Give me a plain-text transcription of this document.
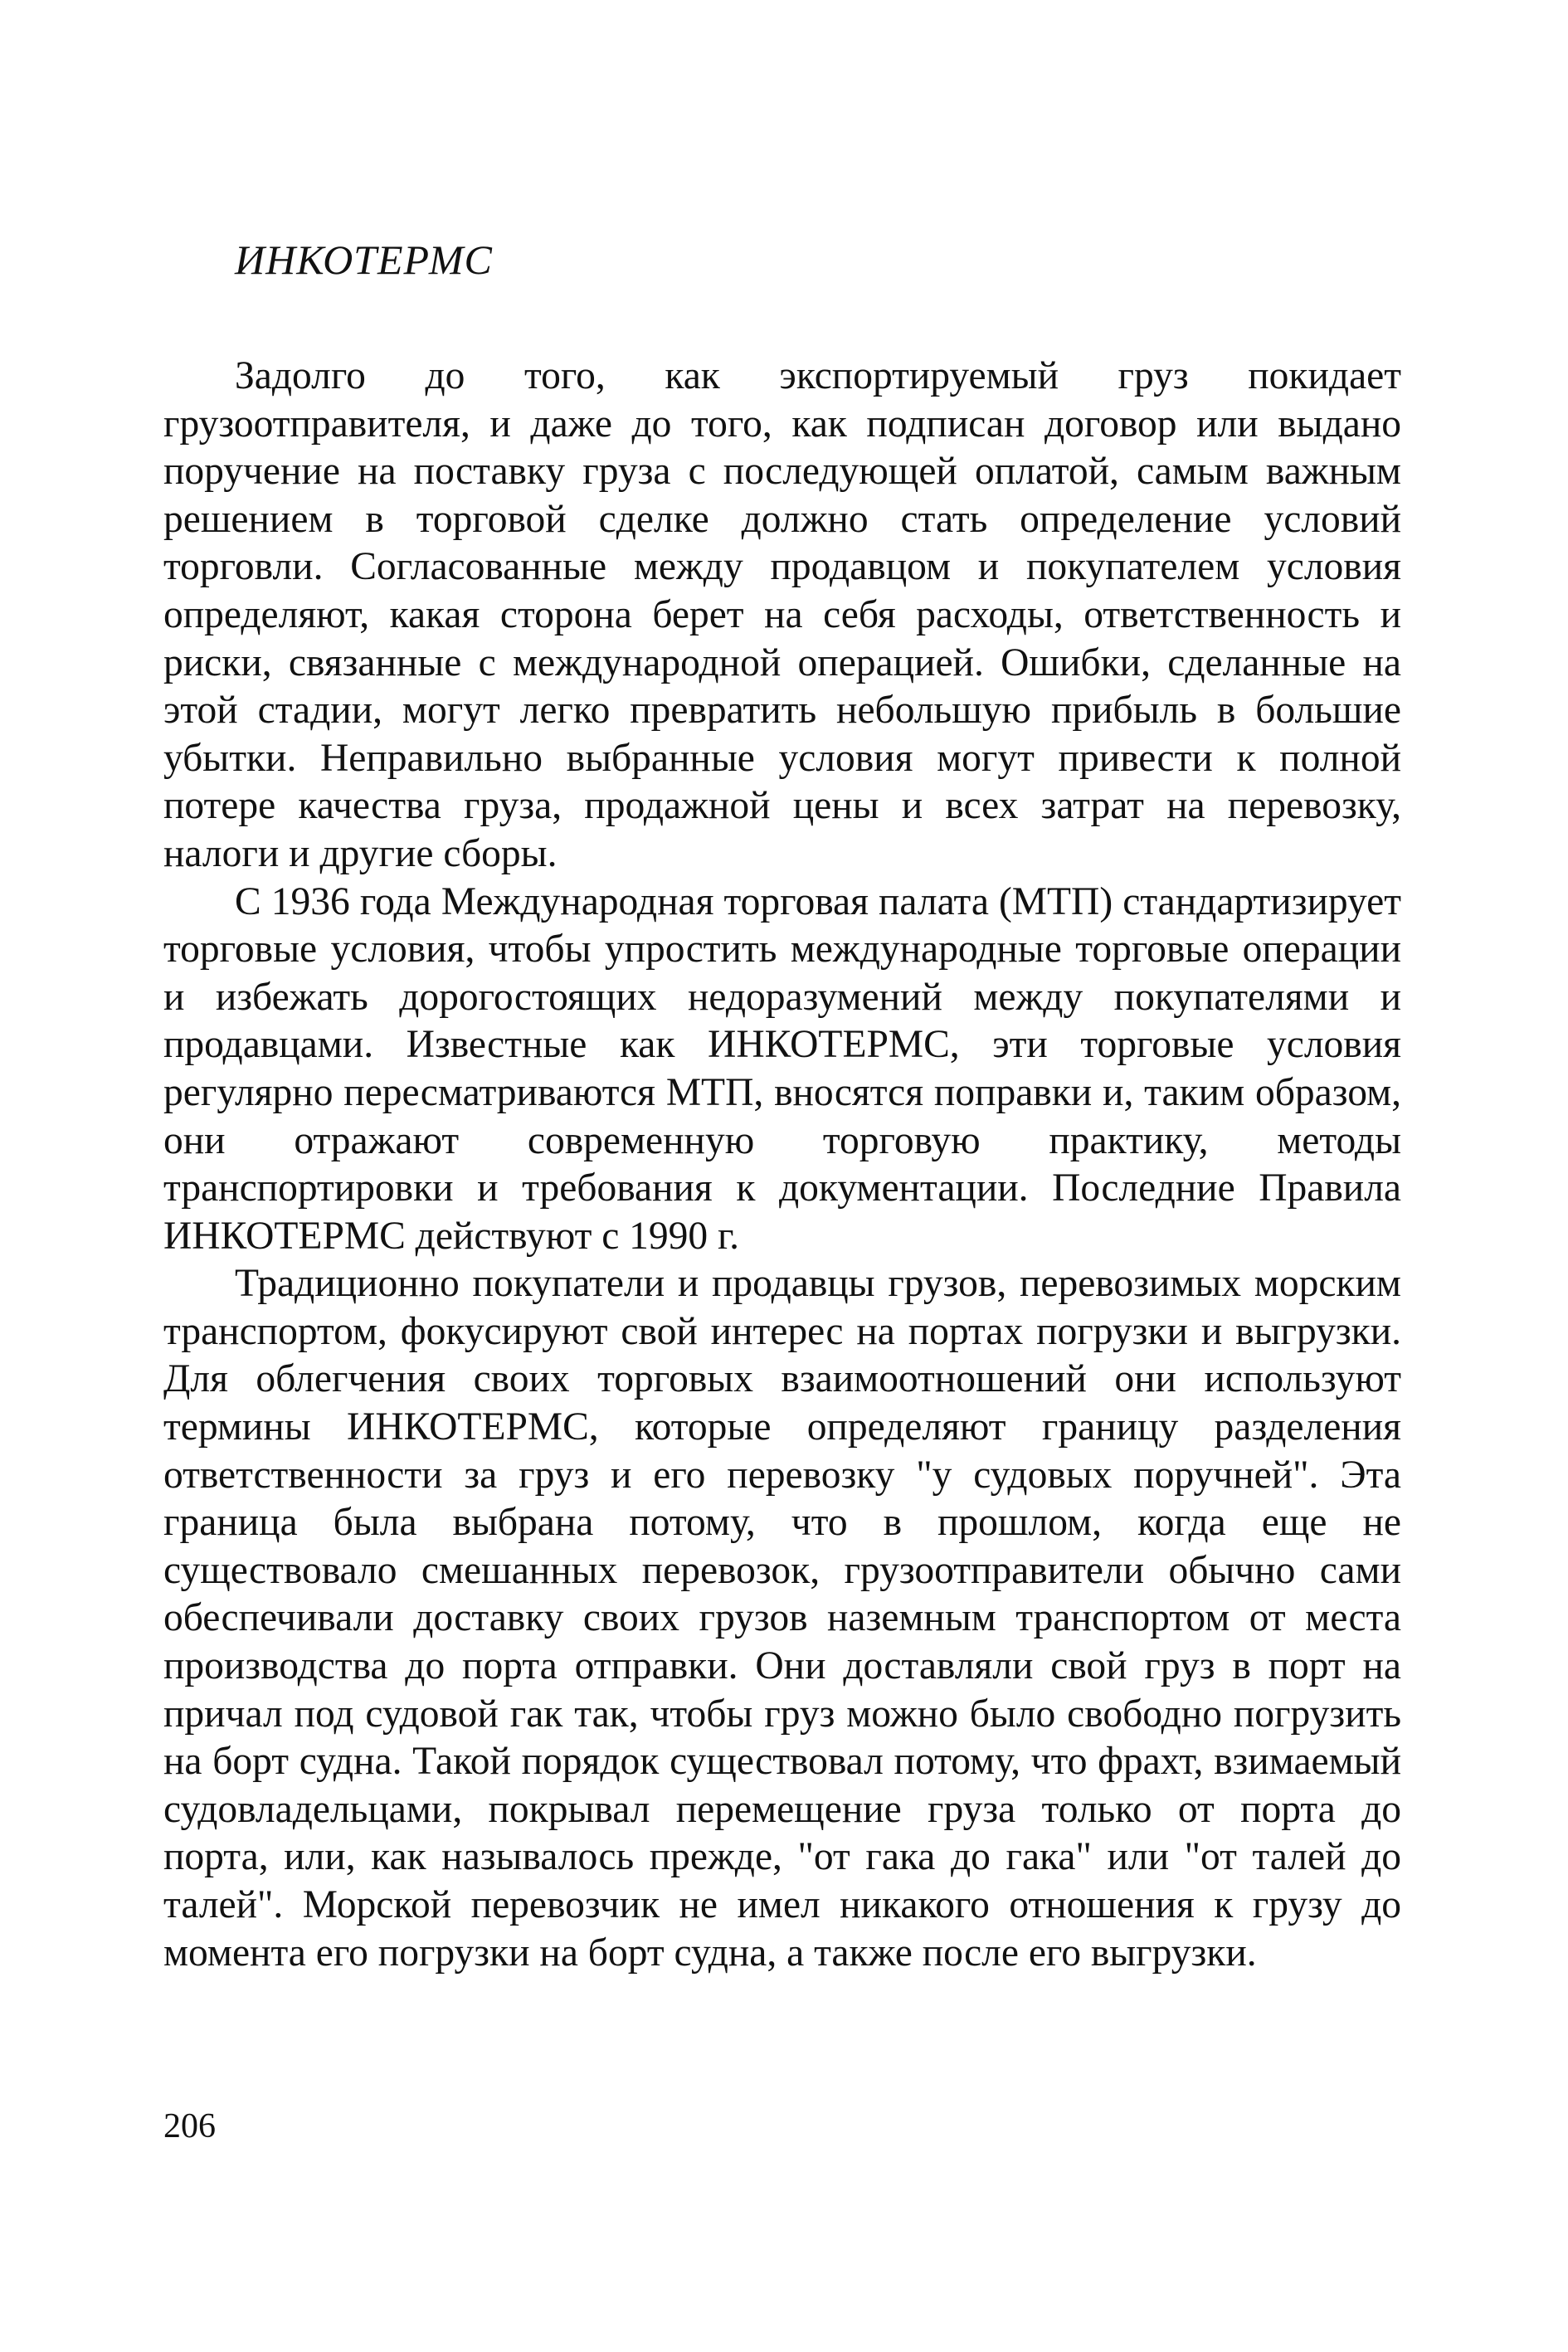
ИНКОТЕРМС

Задолго до того, как экспортируемый груз покидает грузоотправителя, и даже до того, как подписан договор или выдано поручение на поставку груза с последующей оплатой, самым важным решением в торговой сделке должно стать определение условий торговли. Согласованные между продавцом и покупателем условия определяют, какая сторона берет на себя расходы, ответственность и риски, связанные с международной операцией. Ошибки, сделанные на этой стадии, могут легко превратить небольшую прибыль в большие убытки. Неправильно выбранные условия могут привести к полной потере качества груза, продажной цены и всех затрат на перевозку, налоги и другие сборы.

С 1936 года Международная торговая палата (МТП) стандартизирует торговые условия, чтобы упростить международные торговые операции и избежать дорогостоящих недоразумений между покупателями и продавцами. Известные как ИНКОТЕРМС, эти торговые условия регулярно пересматриваются МТП, вносятся поправки и, таким образом, они отражают современную торговую практику, методы транспортировки и требования к документации. Последние Правила ИНКОТЕРМС действуют с 1990 г.

Традиционно покупатели и продавцы грузов, перевозимых морским транспортом, фокусируют свой интерес на портах погрузки и выгрузки. Для облегчения своих торговых взаимоотношений они используют термины ИНКОТЕРМС, которые определяют границу разделения ответственности за груз и его перевозку "у судовых поручней". Эта граница была выбрана потому, что в прошлом, когда еще не существовало смешанных перевозок, грузоотправители обычно сами обеспечивали доставку своих грузов наземным транспортом от места производства до порта отправки. Они доставляли свой груз в порт на причал под судовой гак так, чтобы груз можно было свободно погрузить на борт судна. Такой порядок существовал потому, что фрахт, взимаемый судовладельцами, покрывал перемещение груза только от порта до порта, или, как называлось прежде, "от гака до гака" или "от талей до талей". Морской перевозчик не имел никакого отношения к грузу до момента его погрузки на борт судна, а также после его выгрузки.

206
